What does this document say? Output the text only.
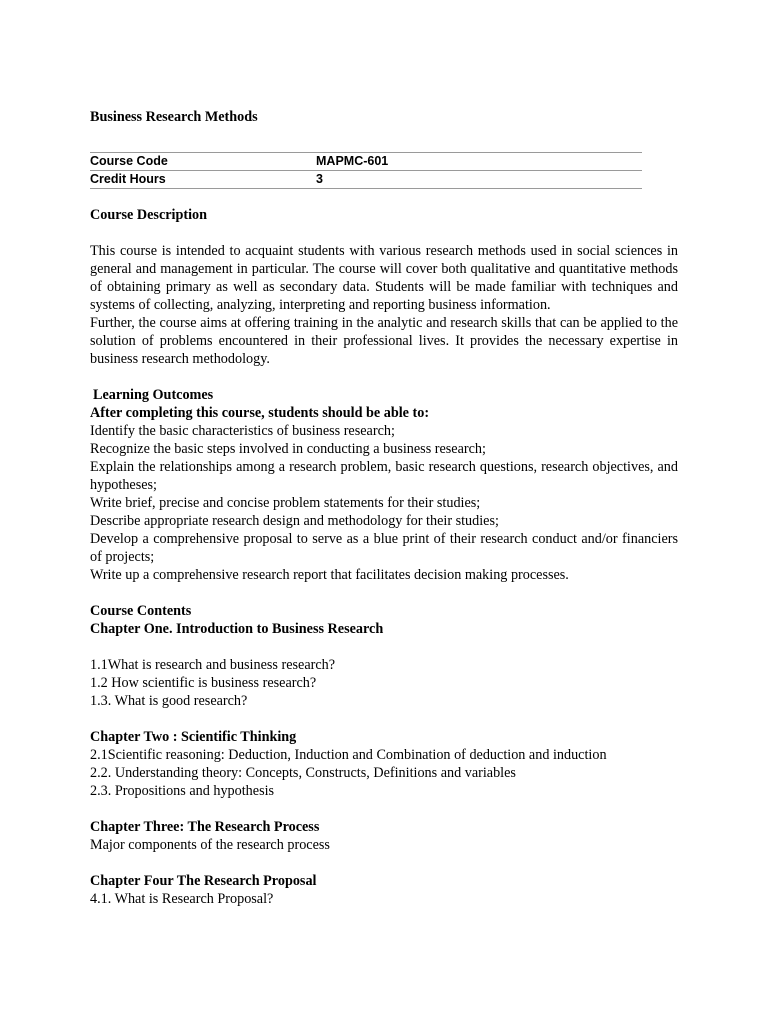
Business Research Methods
Course Code	MAPMC-601
Credit Hours	3
Course Description

This course is intended to acquaint students with various research methods used in social sciences in general and management in particular. The course will cover both qualitative and quantitative methods of obtaining primary as well as secondary data. Students will be made familiar with techniques and systems of collecting, analyzing, interpreting and reporting business information.

Further, the course aims at offering training in the analytic and research skills that can be applied to the solution of problems encountered in their professional lives. It provides the necessary expertise in business research methodology.

Learning Outcomes
After completing this course, students should be able to:

Identify the basic characteristics of business research;

Recognize the basic steps involved in conducting a business research;

Explain the relationships among a research problem, basic research questions, research objectives, and hypotheses;

Write brief, precise and concise problem statements for their studies;

Describe appropriate research design and methodology for their studies;

Develop a comprehensive proposal to serve as a blue print of their research conduct and/or financiers of projects;

Write up a comprehensive research report that facilitates decision making processes.

Course Contents
Chapter One. Introduction to Business Research

1.1What is research and business research?

1.2 How scientific is business research?

1.3. What is good research?

Chapter Two : Scientific Thinking

2.1Scientific reasoning: Deduction, Induction and Combination of deduction and induction

2.2. Understanding theory: Concepts, Constructs, Definitions and variables

2.3. Propositions and hypothesis

Chapter Three: The Research Process

Major components of the research process

Chapter Four The Research Proposal

4.1. What is Research Proposal?
